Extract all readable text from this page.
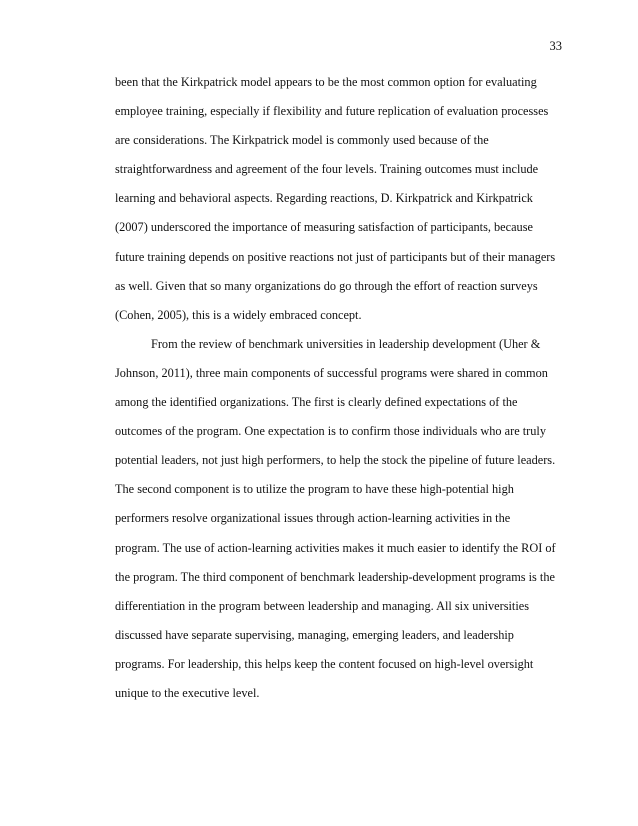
33
been that the Kirkpatrick model appears to be the most common option for evaluating
employee training, especially if flexibility and future replication of evaluation processes
are considerations. The Kirkpatrick model is commonly used because of the
straightforwardness and agreement of the four levels. Training outcomes must include
learning and behavioral aspects. Regarding reactions, D. Kirkpatrick and Kirkpatrick
(2007) underscored the importance of measuring satisfaction of participants, because
future training depends on positive reactions not just of participants but of their managers
as well. Given that so many organizations do go through the effort of reaction surveys
(Cohen, 2005), this is a widely embraced concept.
From the review of benchmark universities in leadership development (Uher &
Johnson, 2011), three main components of successful programs were shared in common
among the identified organizations. The first is clearly defined expectations of the
outcomes of the program. One expectation is to confirm those individuals who are truly
potential leaders, not just high performers, to help the stock the pipeline of future leaders.
The second component is to utilize the program to have these high-potential high
performers resolve organizational issues through action-learning activities in the
program. The use of action-learning activities makes it much easier to identify the ROI of
the program. The third component of benchmark leadership-development programs is the
differentiation in the program between leadership and managing. All six universities
discussed have separate supervising, managing, emerging leaders, and leadership
programs. For leadership, this helps keep the content focused on high-level oversight
unique to the executive level.
